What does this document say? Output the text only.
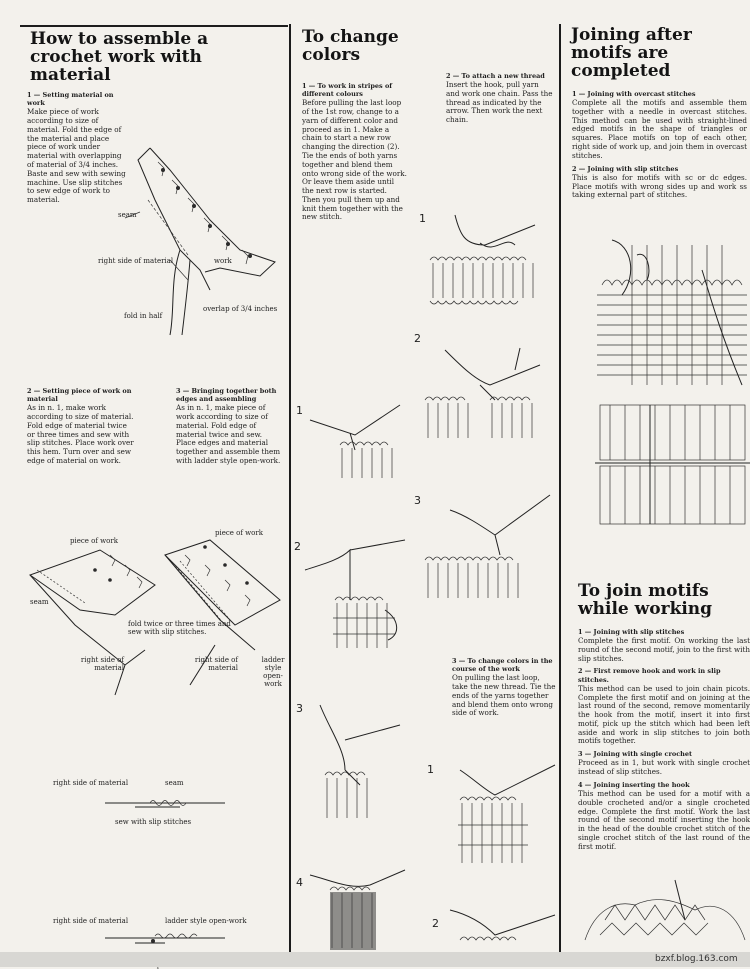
How to assemble a crochet work with material
1 — Setting material on work
Make piece of work according to size of material. Fold the edge of the material and place piece of work under material with overlapping of material of 3/4 inches. Baste and sew with sewing machine. Use slip stitches to sew edge of work to material.
seam
right side of material	work
fold in half
overlap of 3/4 inches
2 — Setting piece of work on material
As in n. 1, make work according to size of material. Fold edge of material twice or three times and sew with slip stitches. Place work over this hem. Turn over and sew edge of material on work.
3 — Bringing together both edges and assembling
As in n. 1, make piece of work according to size of material. Fold edge of material twice and sew. Place edges and material together and assemble them with ladder style open-work.
piece of work
piece of work
seam
fold twice or three times and sew with slip stitches.
right side of material
right side of material
ladder style open-work
right side of material	seam
sew with slip stitches
right side of material	ladder style open-work
To change colors
1 — To work in stripes of different colours
Before pulling the last loop of the 1st row, change to a yarn of different color and proceed as in 1. Make a chain to start a new row changing the direction (2). Tie the ends of both yarns together and blend them onto wrong side of the work. Or leave them aside until the next row is started. Then you pull them up and knit them together with the new stitch.
2 — To attach a new thread
Insert the hook, pull yarn and work one chain. Pass the thread as indicated by the arrow. Then work the next chain.
1
2
3
1
2
1
2
3
4
3 — To change colors in the course of the work
On pulling the last loop, take the new thread. Tie the ends of the yarns together and blend them onto wrong side of work.
Joining after motifs are completed
1 — Joining with overcast stitches
Complete all the motifs and assemble them together with a needle in overcast stitches. This method can be used with straight-lined edged motifs in the shape of triangles or squares. Place motifs on top of each other, right side of work up, and join them in overcast stitches.
2 — Joining with slip stitches
This is also for motifs with sc or dc edges. Place motifs with wrong sides up and work ss taking external part of stitches.
To join motifs while working
1 — Joining with slip stitches
Complete the first motif. On working the last round of the second motif, join to the first with slip stitches.
2 — First remove hook and work in slip stitches.
This method can be used to join chain picots. Complete the first motif and on joining at the last round of the second, remove momentarily the hook from the motif, insert it into first motif, pick up the stitch which had been left aside and work in slip stitches to join both motifs together.
3 — Joining with single crochet
Proceed as in 1, but work with single crochet instead of slip stitches.
4 — Joining inserting the hook
This method can be used for a motif with a double crocheted and/or a single crocheted edge. Complete the first motif. Work the last round of the second motif inserting the hook in the head of the double crochet stitch of the single crochet stitch of the last round of the first motif.
bzxf.blog.163.com
